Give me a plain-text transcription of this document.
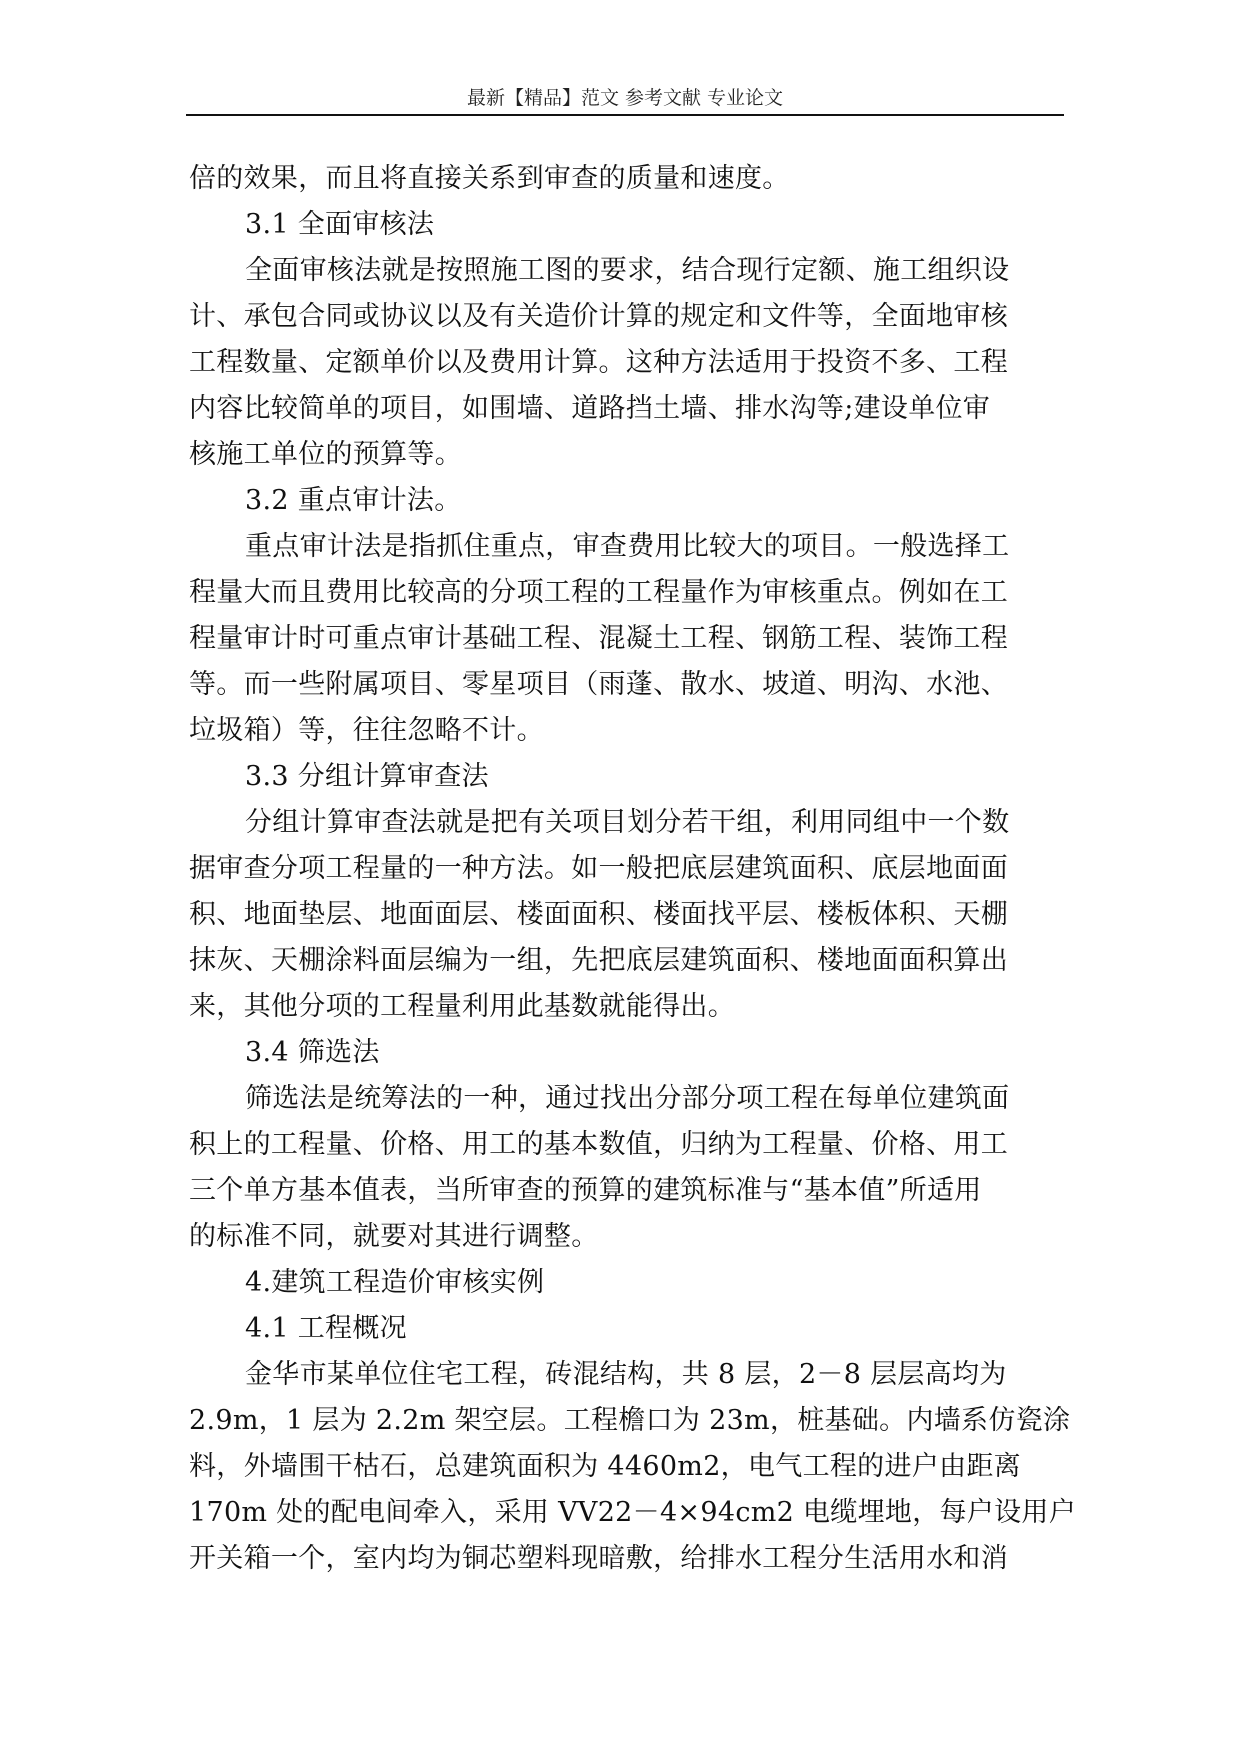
最新【精品】范文 参考文献 专业论文
倍的效果，而且将直接关系到审查的质量和速度。
3.1 全面审核法
全面审核法就是按照施工图的要求，结合现行定额、施工组织设
计、承包合同或协议以及有关造价计算的规定和文件等，全面地审核
工程数量、定额单价以及费用计算。这种方法适用于投资不多、工程
内容比较简单的项目，如围墙、道路挡土墙、排水沟等;建设单位审
核施工单位的预算等。
3.2 重点审计法。
重点审计法是指抓住重点，审查费用比较大的项目。一般选择工
程量大而且费用比较高的分项工程的工程量作为审核重点。例如在工
程量审计时可重点审计基础工程、混凝土工程、钢筋工程、装饰工程
等。而一些附属项目、零星项目（雨蓬、散水、坡道、明沟、水池、
垃圾箱）等，往往忽略不计。
3.3 分组计算审查法
分组计算审查法就是把有关项目划分若干组，利用同组中一个数
据审查分项工程量的一种方法。如一般把底层建筑面积、底层地面面
积、地面垫层、地面面层、楼面面积、楼面找平层、楼板体积、天棚
抹灰、天棚涂料面层编为一组，先把底层建筑面积、楼地面面积算出
来，其他分项的工程量利用此基数就能得出。
3.4 筛选法
筛选法是统筹法的一种，通过找出分部分项工程在每单位建筑面
积上的工程量、价格、用工的基本数值，归纳为工程量、价格、用工
三个单方基本值表，当所审查的预算的建筑标准与“基本值”所适用
的标准不同，就要对其进行调整。
4.建筑工程造价审核实例
4.1 工程概况
金华市某单位住宅工程，砖混结构，共 8 层，2－8 层层高均为
2.9m，1 层为 2.2m 架空层。工程檐口为 23m，桩基础。内墙系仿瓷涂
料，外墙围干枯石，总建筑面积为 4460m2，电气工程的进户由距离
170m 处的配电间牵入，采用 VV22－4×94cm2 电缆埋地，每户设用户
开关箱一个，室内均为铜芯塑料现暗敷，给排水工程分生活用水和消
